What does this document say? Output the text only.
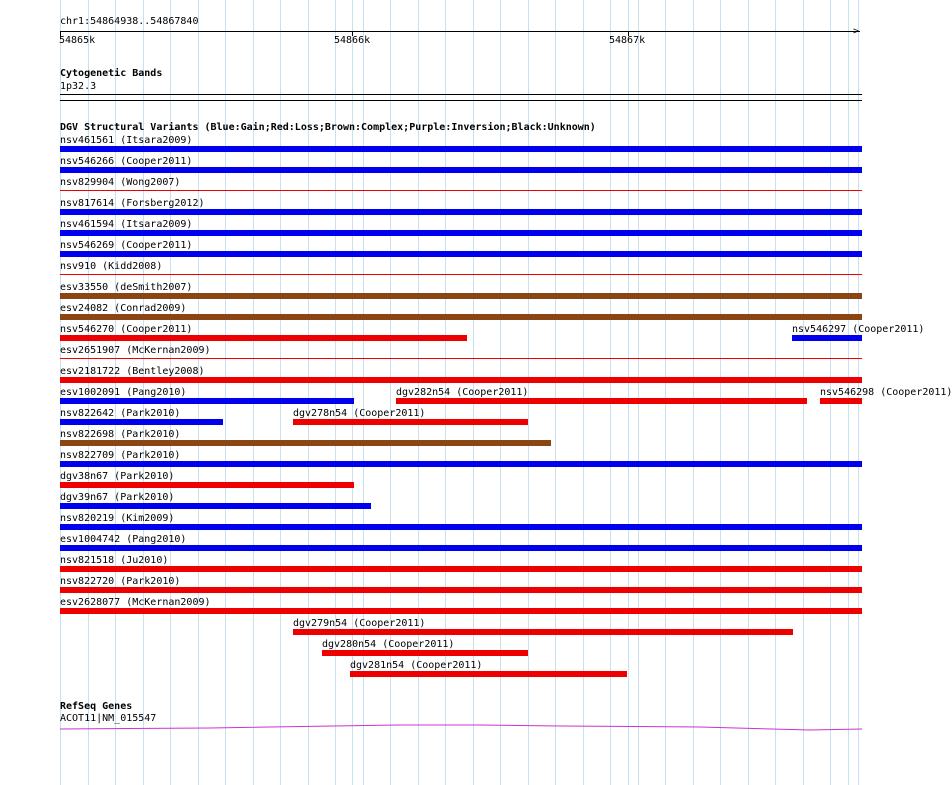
chr1:54864938..54867840
>
54865k	54866k	54867k
Cytogenetic Bands
1p32.3
DGV Structural Variants (Blue:Gain;Red:Loss;Brown:Complex;Purple:Inversion;Black:Unknown)
nsv461561 (Itsara2009)
nsv546266 (Cooper2011)
nsv829904 (Wong2007)
nsv817614 (Forsberg2012)
nsv461594 (Itsara2009)
nsv546269 (Cooper2011)
nsv910 (Kidd2008)
esv33550 (deSmith2007)
esv24082 (Conrad2009)
nsv546270 (Cooper2011)	nsv546297 (Cooper2011)
esv2651907 (McKernan2009)
esv2181722 (Bentley2008)
esv1002091 (Pang2010)	dgv282n54 (Cooper2011)	nsv546298 (Cooper2011)
nsv822642 (Park2010)	dgv278n54 (Cooper2011)
nsv822698 (Park2010)
nsv822709 (Park2010)
dgv38n67 (Park2010)
dgv39n67 (Park2010)
nsv820219 (Kim2009)
esv1004742 (Pang2010)
nsv821518 (Ju2010)
nsv822720 (Park2010)
esv2628077 (McKernan2009)
dgv279n54 (Cooper2011)
dgv280n54 (Cooper2011)
dgv281n54 (Cooper2011)
RefSeq Genes
ACOT11|NM_015547
